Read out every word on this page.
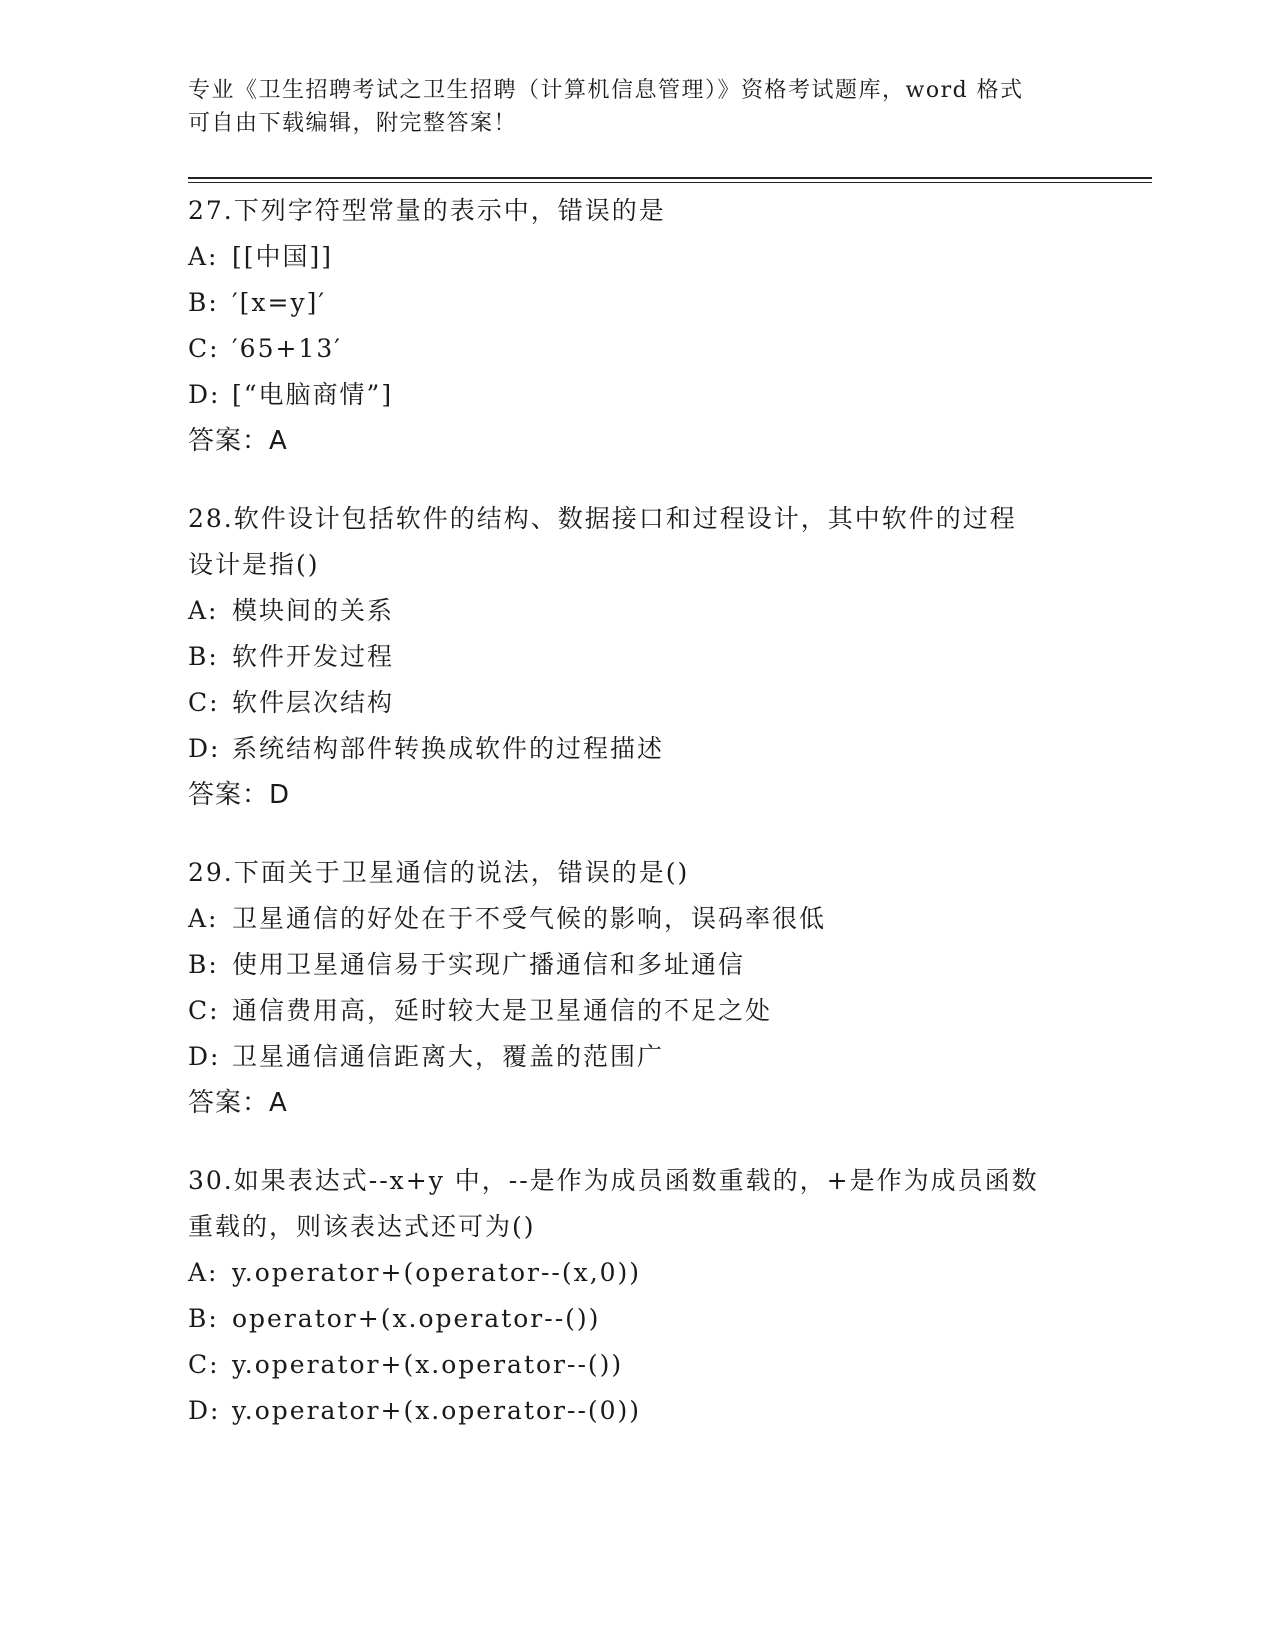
专业《卫生招聘考试之卫生招聘（计算机信息管理）》资格考试题库，word 格式
可自由下载编辑，附完整答案！
27.下列字符型常量的表示中，错误的是
A: [[中国]]
B: ′[x=y]′
C: ′65+13′
D: [“电脑商情”]
答案：A
28.软件设计包括软件的结构、数据接口和过程设计，其中软件的过程
设计是指()
A: 模块间的关系
B: 软件开发过程
C: 软件层次结构
D: 系统结构部件转换成软件的过程描述
答案：D
29.下面关于卫星通信的说法，错误的是()
A: 卫星通信的好处在于不受气候的影响，误码率很低
B: 使用卫星通信易于实现广播通信和多址通信
C: 通信费用高，延时较大是卫星通信的不足之处
D: 卫星通信通信距离大，覆盖的范围广
答案：A
30.如果表达式--x+y 中，--是作为成员函数重载的，+是作为成员函数
重载的，则该表达式还可为()
A: y.operator+(operator--(x,0))
B: operator+(x.operator--())
C: y.operator+(x.operator--())
D: y.operator+(x.operator--(0))
